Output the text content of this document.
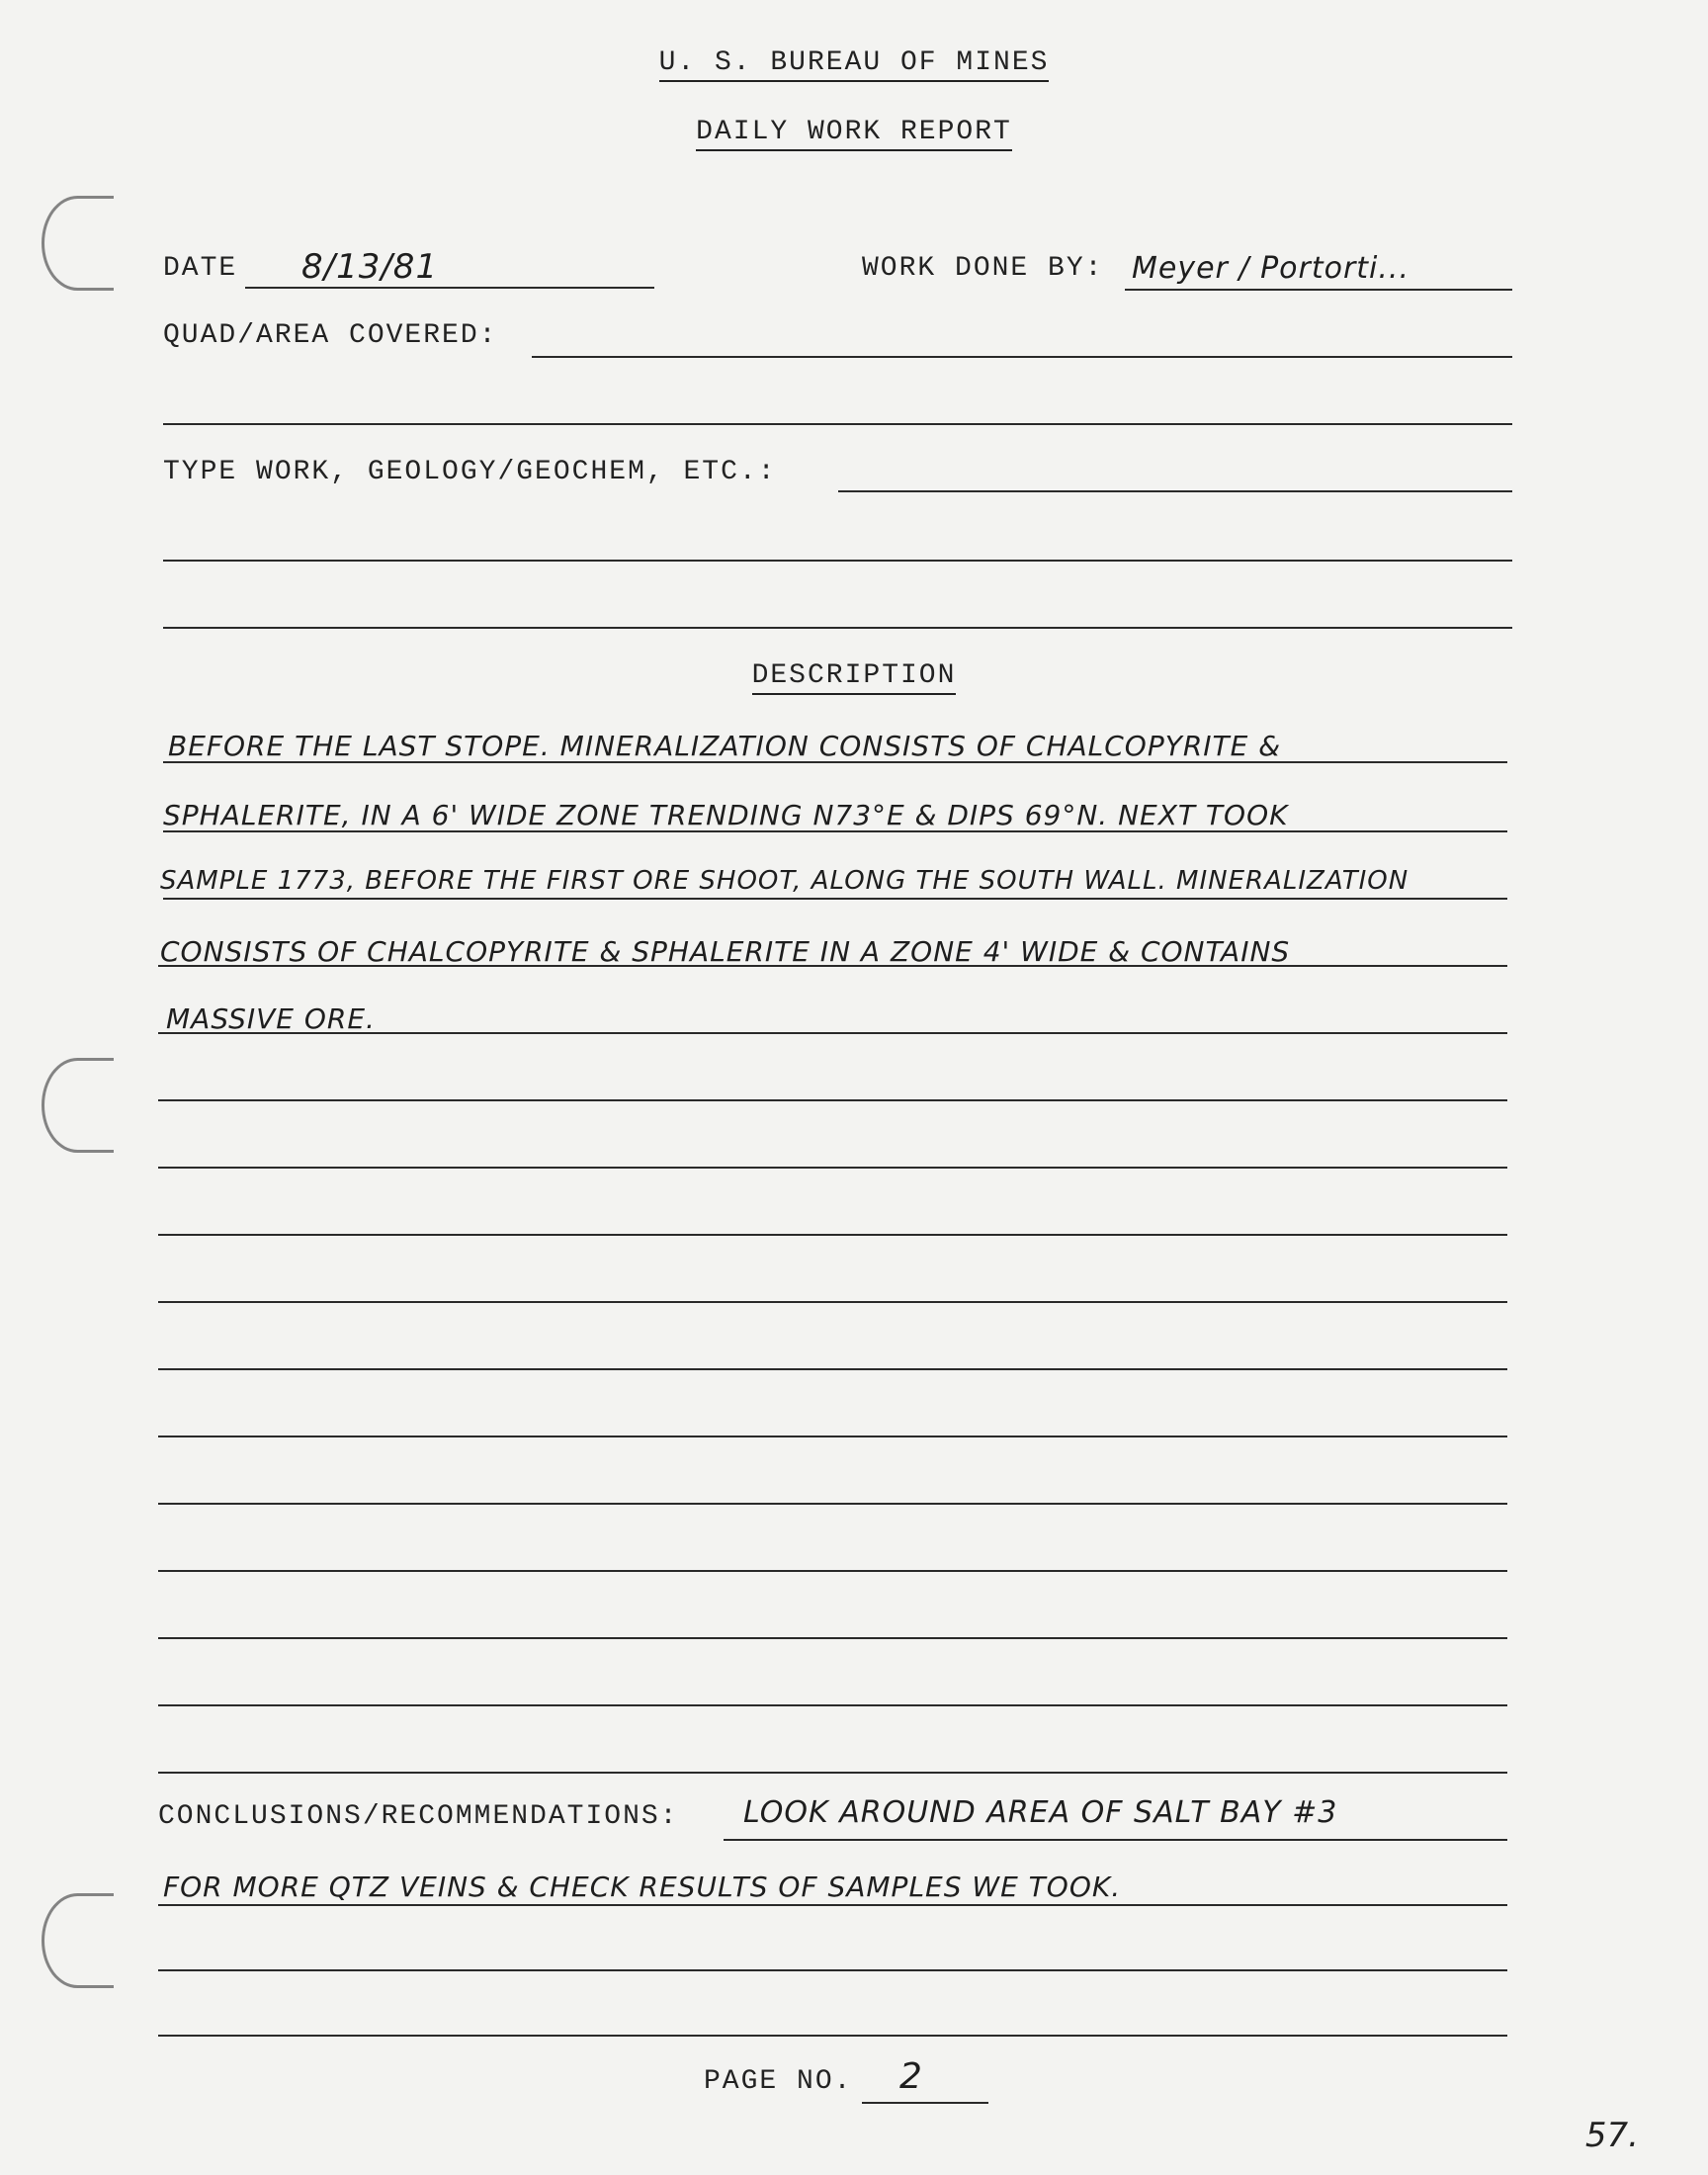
U. S. BUREAU OF MINES
DAILY WORK REPORT
DATE 8/13/81	WORK DONE BY: Meyer / Portorti...
QUAD/AREA COVERED:
TYPE WORK, GEOLOGY/GEOCHEM, ETC.:
DESCRIPTION
BEFORE THE LAST STOPE. MINERALIZATION CONSISTS OF CHALCOPYRITE &
SPHALERITE, IN A 6' WIDE ZONE TRENDING N73°E & DIPS 69°N. NEXT TOOK
SAMPLE 1773, BEFORE THE FIRST ORE SHOOT, ALONG THE SOUTH WALL. MINERALIZATION
CONSISTS OF CHALCOPYRITE & SPHALERITE IN A ZONE 4' WIDE & CONTAINS
MASSIVE ORE.
CONCLUSIONS/RECOMMENDATIONS: LOOK AROUND AREA OF SALT BAY #3
FOR MORE QTZ VEINS & CHECK RESULTS OF SAMPLES WE TOOK.
PAGE NO. 2
57.
